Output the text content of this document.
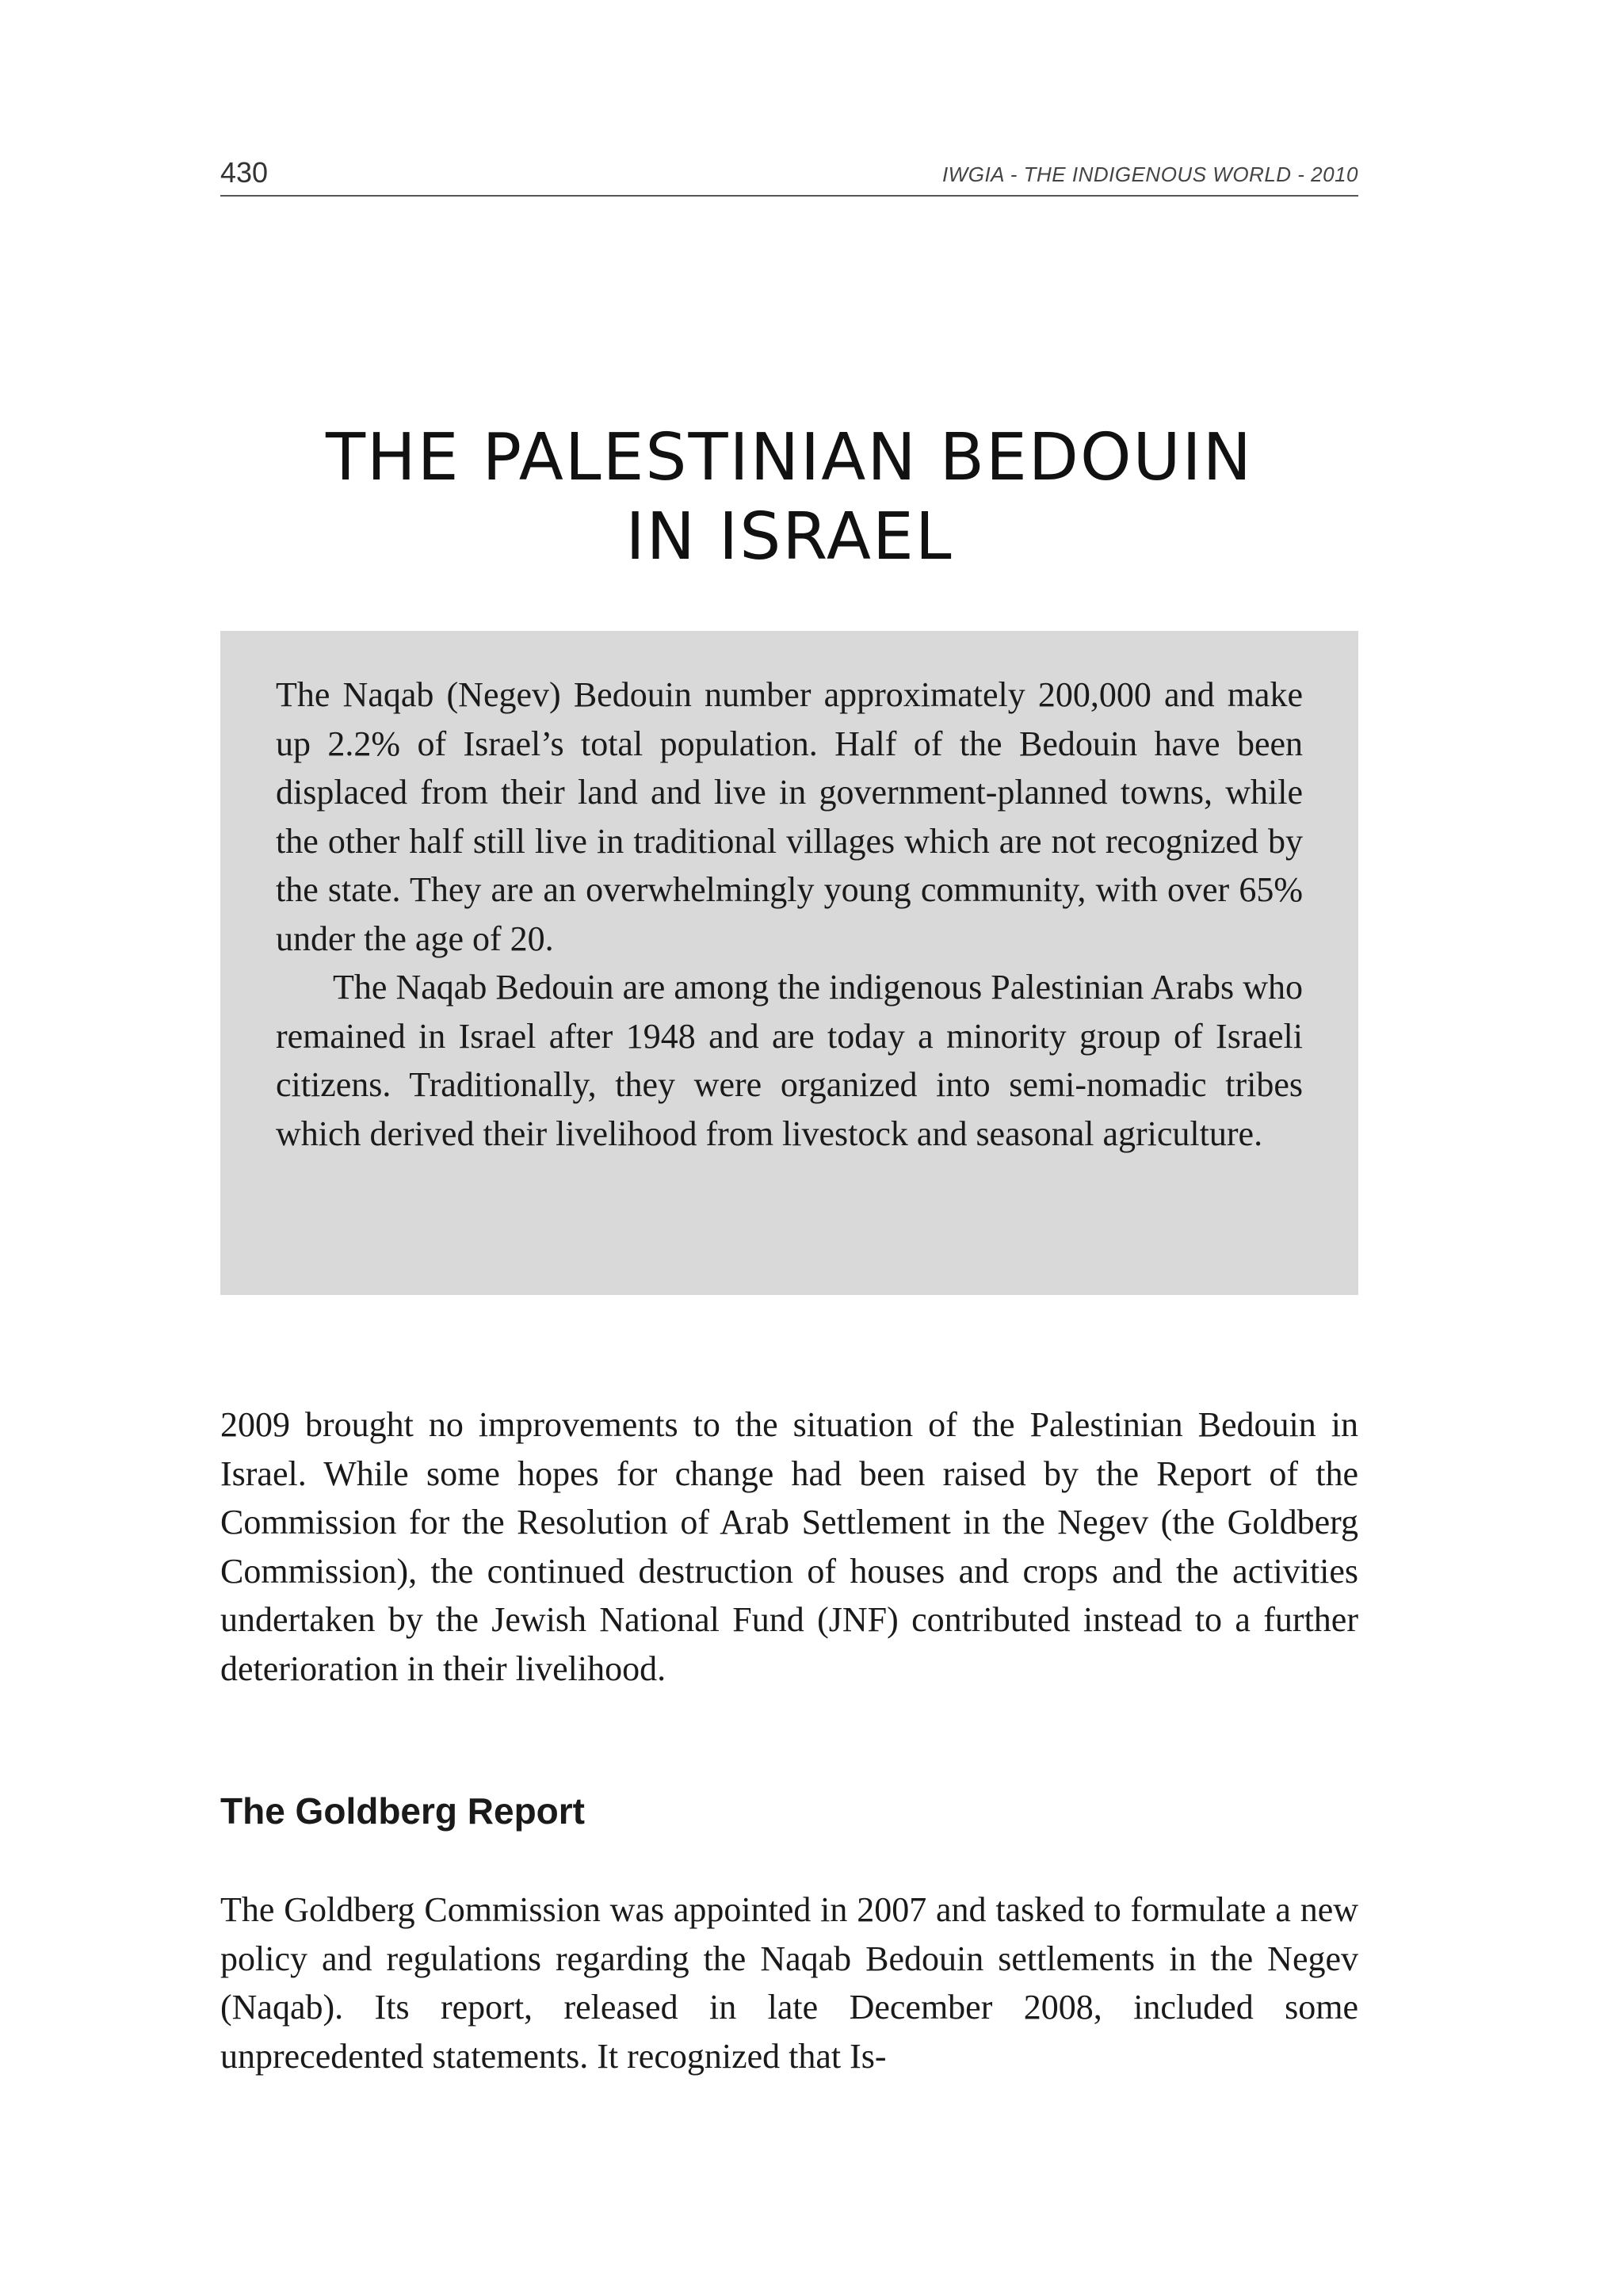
430	IWGIA - THE INDIGENOUS WORLD - 2010
THE PALESTINIAN BEDOUIN
IN ISRAEL

The Naqab (Negev) Bedouin number approximately 200,000 and make up 2.2% of Israel’s total population. Half of the Bedouin have been displaced from their land and live in government-planned towns, while the other half still live in traditional villages which are not recognized by the state. They are an overwhelmingly young community, with over 65% under the age of 20.

The Naqab Bedouin are among the indigenous Palestinian Arabs who remained in Israel after 1948 and are today a minority group of Israeli citizens. Traditionally, they were organized into semi-nomadic tribes which derived their livelihood from livestock and seasonal agriculture.

2009 brought no improvements to the situation of the Palestinian Bedouin in Israel. While some hopes for change had been raised by the Report of the Commission for the Resolution of Arab Settlement in the Negev (the Goldberg Commission), the continued destruction of houses and crops and the activities undertaken by the Jewish National Fund (JNF) contributed instead to a further deterioration in their livelihood.

The Goldberg Report

The Goldberg Commission was appointed in 2007 and tasked to formulate a new policy and regulations regarding the Naqab Bedouin settlements in the Negev (Naqab). Its report, released in late December 2008, included some unprecedented statements. It recognized that Is-
